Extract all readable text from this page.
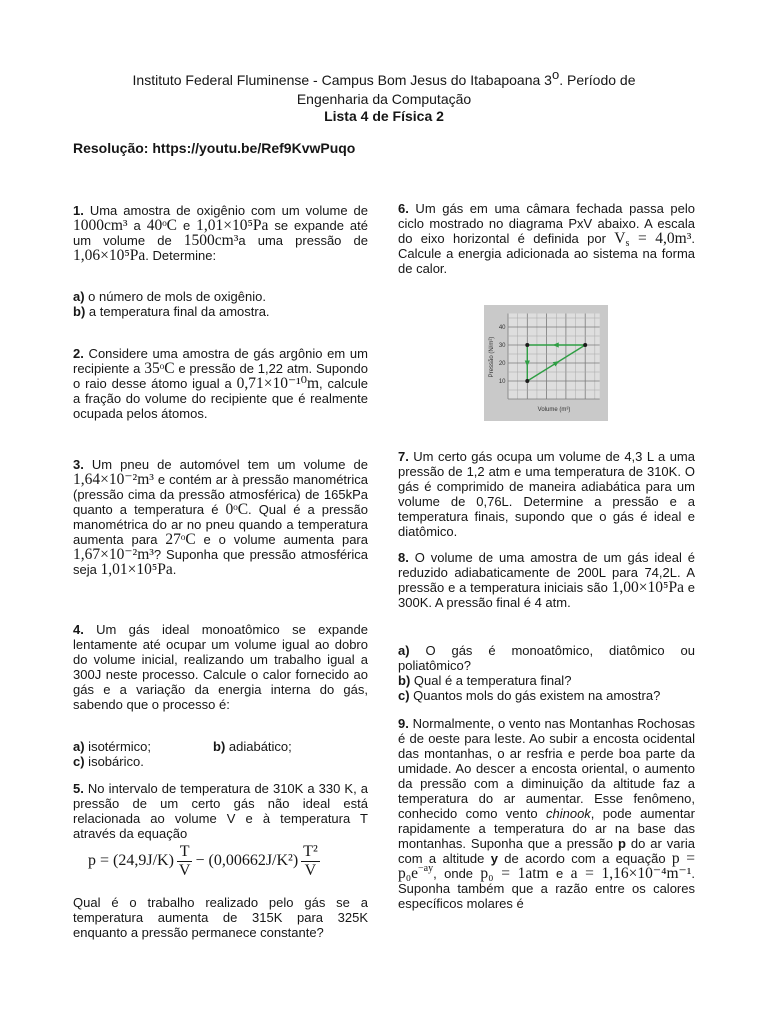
Instituto Federal Fluminense - Campus Bom Jesus do Itabapoana 3$^o$. Período de
Engenharia da Computação
Lista 4 de Física 2
Resolução: https://youtu.be/Ref9KvwPuqo

1. Uma amostra de oxigênio com um volume de 1000cm³ a 40ᵒC e 1,01×10⁵Pa se expande até um volume de 1500cm³a uma pressão de 1,06×10⁵Pa. Determine:

a) o número de mols de oxigênio.
b) a temperatura final da amostra.

2. Considere uma amostra de gás argônio em um recipiente a 35ᵒC e pressão de 1,22 atm. Supondo o raio desse átomo igual a 0,71×10⁻¹⁰m, calcule a fração do volume do recipiente que é realmente ocupada pelos átomos.

3. Um pneu de automóvel tem um volume de 1,64×10⁻²m³ e contém ar à pressão manométrica (pressão cima da pressão atmosférica) de 165kPa quanto a temperatura é 0ᵒC. Qual é a pressão manométrica do ar no pneu quando a temperatura aumenta para 27ᵒC e o volume aumenta para 1,67×10⁻²m³? Suponha que pressão atmosférica seja 1,01×10⁵Pa.

4. Um gás ideal monoatômico se expande lentamente até ocupar um volume igual ao dobro do volume inicial, realizando um trabalho igual a 300J neste processo. Calcule o calor fornecido ao gás e a variação da energia interna do gás, sabendo que o processo é:

a) isotérmico;	b) adiabático;
c) isobárico.

5. No intervalo de temperatura de 310K a 330 K, a pressão de um certo gás não ideal está relacionada ao volume V e à temperatura T através da equação

$p = (24,9J/K) \frac{T}{V} - (0,00662J/K^2) \frac{\text{T²}}{V}$

Qual é o trabalho realizado pelo gás se a temperatura aumenta de 315K para 325K enquanto a pressão permanece constante?

6. Um gás em uma câmara fechada passa pelo ciclo mostrado no diagrama PxV abaixo. A escala do eixo horizontal é definida por $V_s = 4,0m^3$. Calcule a energia adicionada ao sistema na forma de calor.

Pressão (N/m²)
Volume (m³)
10
20
30
40

7. Um certo gás ocupa um volume de 4,3 L a uma pressão de 1,2 atm e uma temperatura de 310K. O gás é comprimido de maneira adiabática para um volume de 0,76L. Determine a pressão e a temperatura finais, supondo que o gás é ideal e diatômico.

8. O volume de uma amostra de um gás ideal é reduzido adiabaticamente de 200L para 74,2L. A pressão e a temperatura iniciais são 1,00×10⁵Pa e 300K. A pressão final é 4 atm.

a) O gás é monoatômico, diatômico ou poliatômico?
b) Qual é a temperatura final?
c) Quantos mols do gás existem na amostra?

9. Normalmente, o vento nas Montanhas Rochosas é de oeste para leste. Ao subir a encosta ocidental das montanhas, o ar resfria e perde boa parte da umidade. Ao descer a encosta oriental, o aumento da pressão com a diminuição da altitude faz a temperatura do ar aumentar. Esse fenômeno, conhecido como vento chinook, pode aumentar rapidamente a temperatura do ar na base das montanhas. Suponha que a pressão p do ar varia com a altitude y de acordo com a equação $p = p_0e^{-ay}$, onde p₀ = 1atm e a = 1,16×10⁻⁴m⁻¹. Suponha também que a razão entre os calores específicos molares é
